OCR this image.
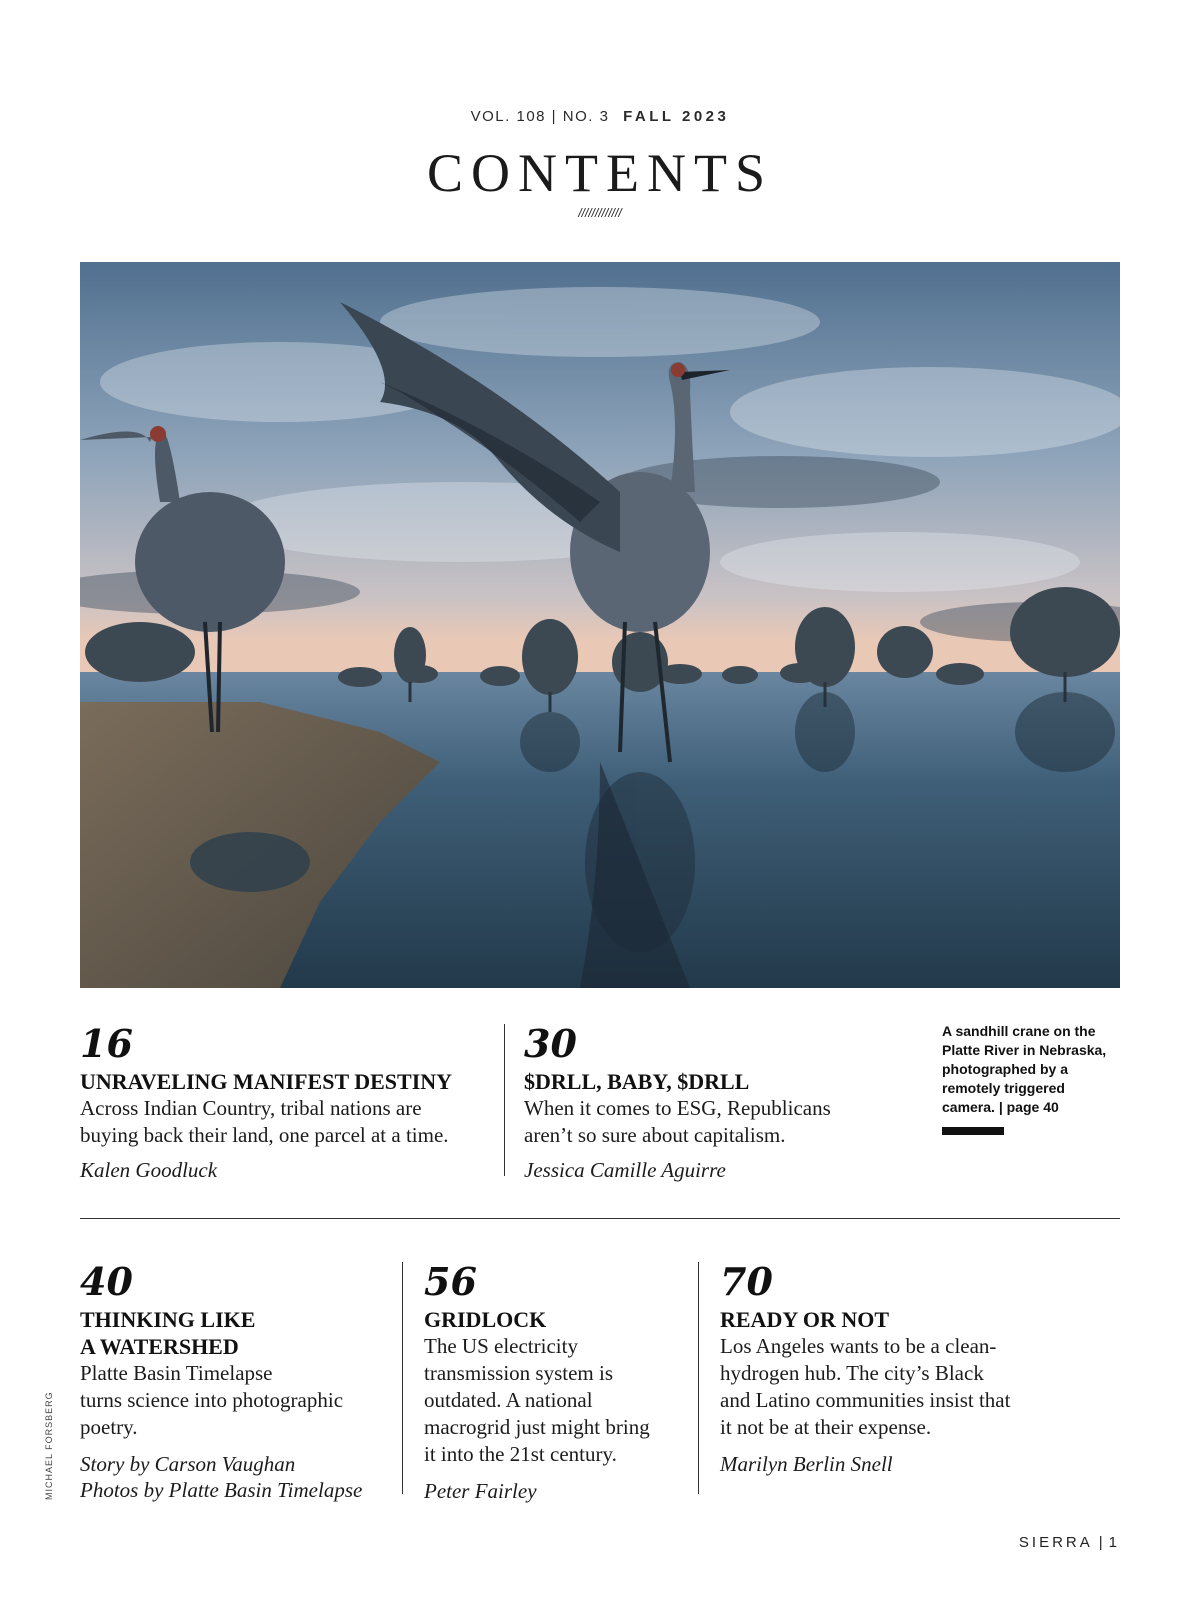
VOL. 108 | NO. 3 FALL 2023
CONTENTS
/////////////
MICHAEL FORSBERG
16
UNRAVELING MANIFEST DESTINY
Across Indian Country, tribal nations are
buying back their land, one parcel at a time.
Kalen Goodluck
30
$DRLL, BABY, $DRLL
When it comes to ESG, Republicans
aren’t so sure about capitalism.
Jessica Camille Aguirre
A sandhill crane on the
Platte River in Nebraska,
photographed by a
remotely triggered
camera. | page 40
40
THINKING LIKE
A WATERSHED
Platte Basin Timelapse
turns science into photographic
poetry.
Story by Carson Vaughan
Photos by Platte Basin Timelapse
56
GRIDLOCK
The US electricity
transmission system is
outdated. A national
macrogrid just might bring
it into the 21st century.
Peter Fairley
70
READY OR NOT
Los Angeles wants to be a clean-
hydrogen hub. The city’s Black
and Latino communities insist that
it not be at their expense.
Marilyn Berlin Snell
SIERRA | 1
